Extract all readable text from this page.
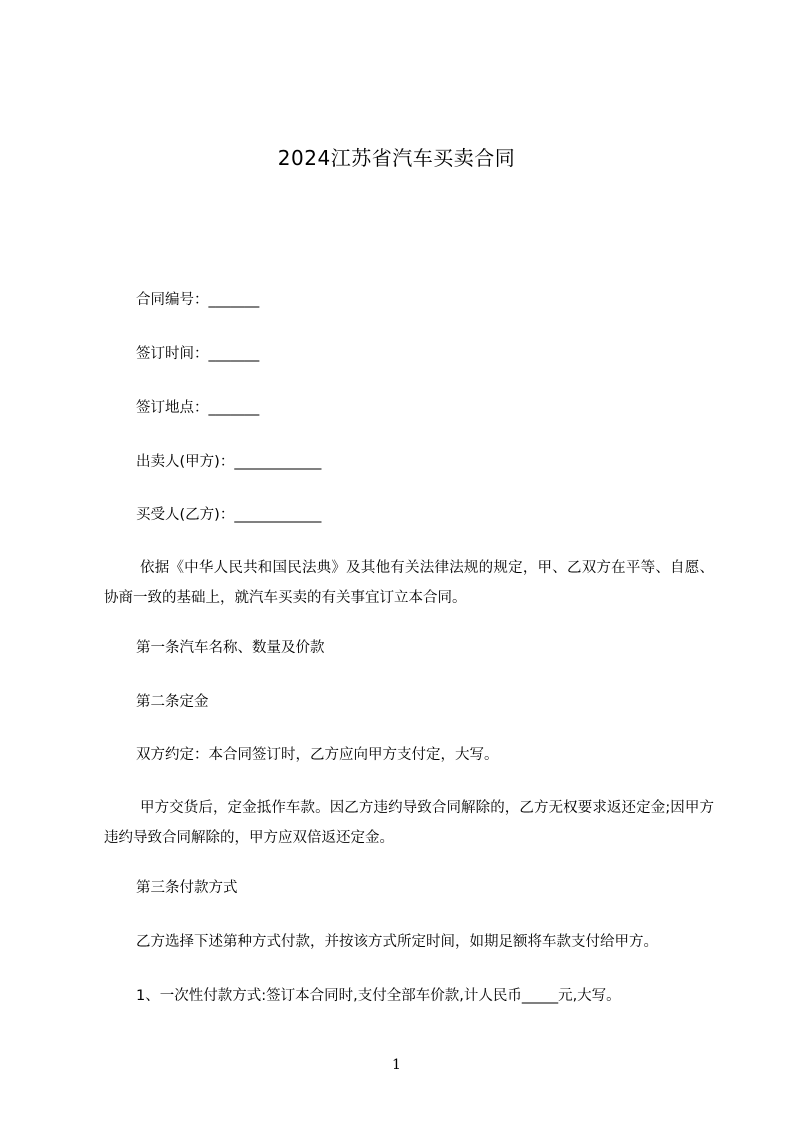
2024江苏省汽车买卖合同
合同编号：_______
签订时间：_______
签订地点：_______
出卖人(甲方)：____________
买受人(乙方)：____________
依据《中华人民共和国民法典》及其他有关法律法规的规定，甲、乙双方在平等、自愿、协商一致的基础上，就汽车买卖的有关事宜订立本合同。
第一条汽车名称、数量及价款
第二条定金
双方约定：本合同签订时，乙方应向甲方支付定，大写。
甲方交货后，定金抵作车款。因乙方违约导致合同解除的，乙方无权要求返还定金;因甲方违约导致合同解除的，甲方应双倍返还定金。
第三条付款方式
乙方选择下述第种方式付款，并按该方式所定时间，如期足额将车款支付给甲方。
1、一次性付款方式:签订本合同时,支付全部车价款,计人民币_____元,大写。
1
